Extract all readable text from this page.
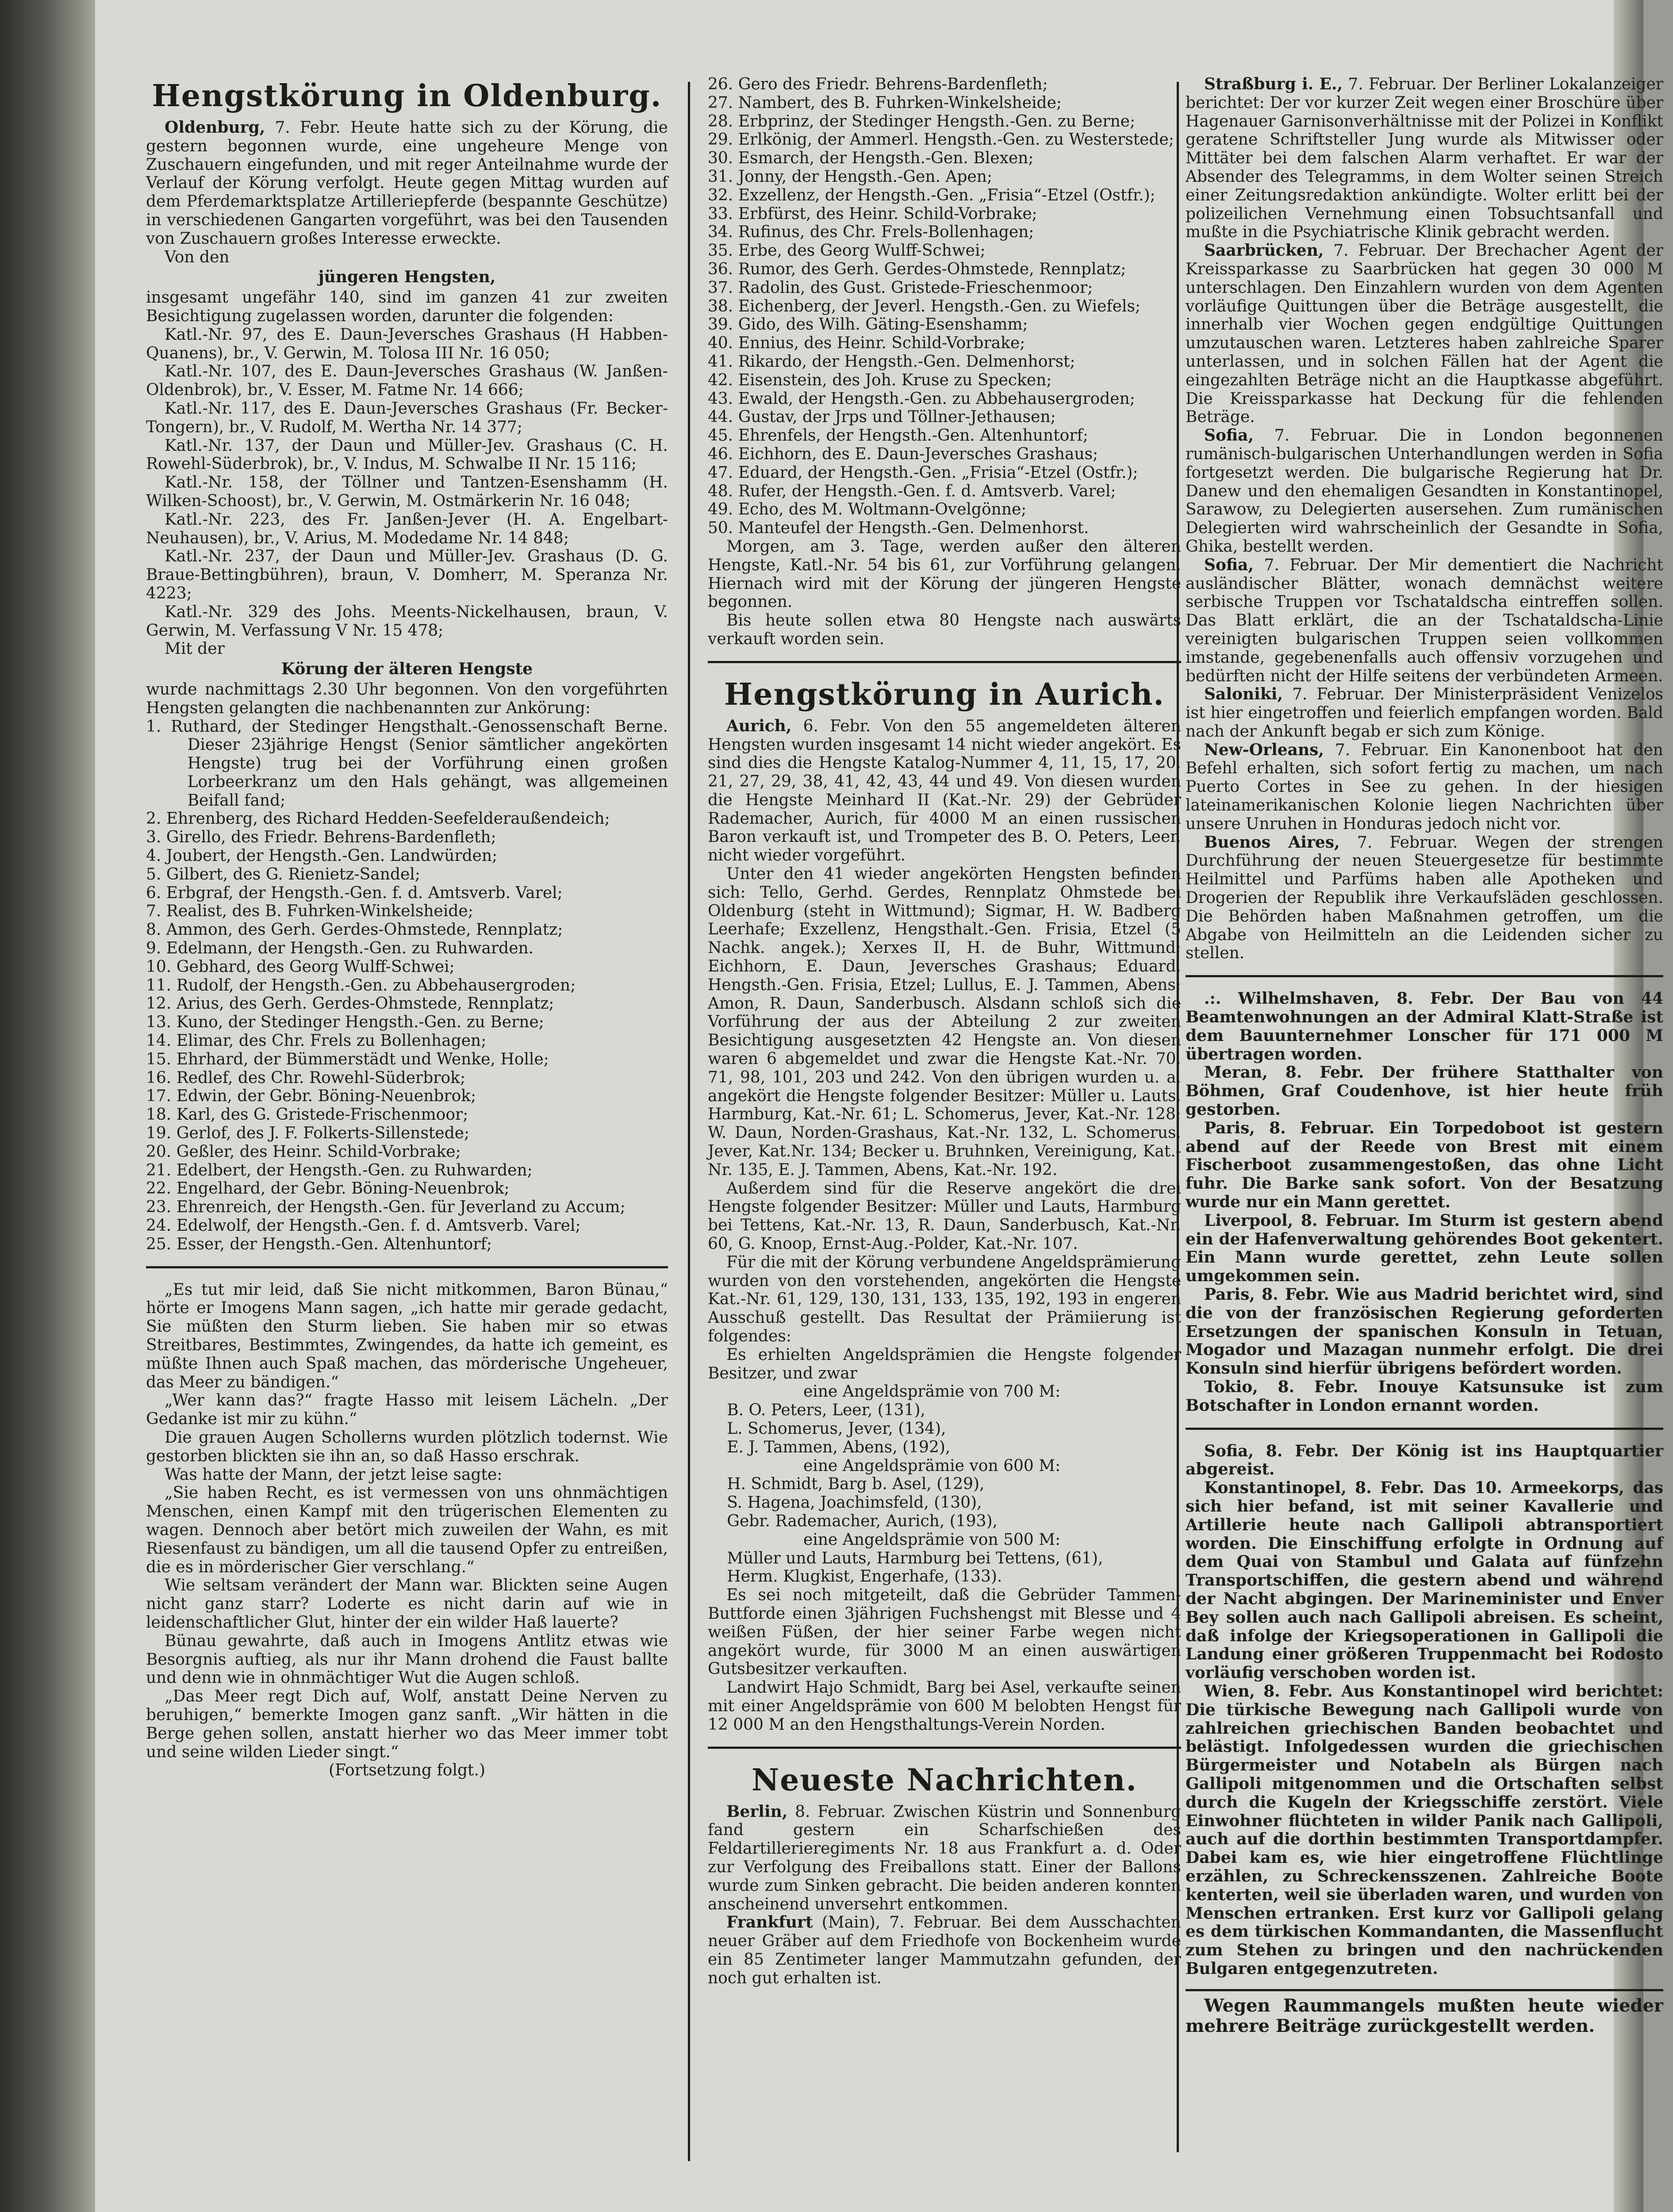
Hengstkörung in Oldenburg.

Oldenburg, 7. Febr. Heute hatte sich zu der Körung, die gestern begonnen wurde, eine ungeheure Menge von Zuschauern eingefunden, und mit reger Anteilnahme wurde der Verlauf der Körung verfolgt. Heute gegen Mittag wurden auf dem Pferdemarktsplatze Artilleriepferde (bespannte Geschütze) in verschiedenen Gangarten vorgeführt, was bei den Tausenden von Zuschauern großes Interesse erweckte.

Von den

jüngeren Hengsten,

insgesamt ungefähr 140, sind im ganzen 41 zur zweiten Besichtigung zugelassen worden, darunter die folgenden:

Katl.-Nr. 97, des E. Daun-Jeversches Grashaus (H Habben-Quanens), br., V. Gerwin, M. Tolosa III Nr. 16 050;

Katl.-Nr. 107, des E. Daun-Jeversches Grashaus (W. Janßen-Oldenbrok), br., V. Esser, M. Fatme Nr. 14 666;

Katl.-Nr. 117, des E. Daun-Jeversches Grashaus (Fr. Becker-Tongern), br., V. Rudolf, M. Wertha Nr. 14 377;

Katl.-Nr. 137, der Daun und Müller-Jev. Grashaus (C. H. Rowehl-Süderbrok), br., V. Indus, M. Schwalbe II Nr. 15 116;

Katl.-Nr. 158, der Töllner und Tantzen-Esenshamm (H. Wilken-Schoost), br., V. Gerwin, M. Ostmärkerin Nr. 16 048;

Katl.-Nr. 223, des Fr. Janßen-Jever (H. A. Engelbart-Neuhausen), br., V. Arius, M. Modedame Nr. 14 848;

Katl.-Nr. 237, der Daun und Müller-Jev. Grashaus (D. G. Braue-Bettingbühren), braun, V. Domherr, M. Speranza Nr. 4223;

Katl.-Nr. 329 des Johs. Meents-Nickelhausen, braun, V. Gerwin, M. Verfassung V Nr. 15 478;

Mit der

Körung der älteren Hengste

wurde nachmittags 2.30 Uhr begonnen. Von den vorgeführten Hengsten gelangten die nachbenannten zur Ankörung:

1. Ruthard, der Stedinger Hengsthalt.-Genossenschaft Berne. Dieser 23jährige Hengst (Senior sämtlicher angekörten Hengste) trug bei der Vorführung einen großen Lorbeerkranz um den Hals gehängt, was allgemeinen Beifall fand;

2. Ehrenberg, des Richard Hedden-Seefelderaußendeich;

3. Girello, des Friedr. Behrens-Bardenfleth;

4. Joubert, der Hengsth.-Gen. Landwürden;

5. Gilbert, des G. Rienietz-Sandel;

6. Erbgraf, der Hengsth.-Gen. f. d. Amtsverb. Varel;

7. Realist, des B. Fuhrken-Winkelsheide;

8. Ammon, des Gerh. Gerdes-Ohmstede, Rennplatz;

9. Edelmann, der Hengsth.-Gen. zu Ruhwarden.

10. Gebhard, des Georg Wulff-Schwei;

11. Rudolf, der Hengsth.-Gen. zu Abbehausergroden;

12. Arius, des Gerh. Gerdes-Ohmstede, Rennplatz;

13. Kuno, der Stedinger Hengsth.-Gen. zu Berne;

14. Elimar, des Chr. Frels zu Bollenhagen;

15. Ehrhard, der Bümmerstädt und Wenke, Holle;

16. Redlef, des Chr. Rowehl-Süderbrok;

17. Edwin, der Gebr. Böning-Neuenbrok;

18. Karl, des G. Gristede-Frischenmoor;

19. Gerlof, des J. F. Folkerts-Sillenstede;

20. Geßler, des Heinr. Schild-Vorbrake;

21. Edelbert, der Hengsth.-Gen. zu Ruhwarden;

22. Engelhard, der Gebr. Böning-Neuenbrok;

23. Ehrenreich, der Hengsth.-Gen. für Jeverland zu Accum;

24. Edelwolf, der Hengsth.-Gen. f. d. Amtsverb. Varel;

25. Esser, der Hengsth.-Gen. Altenhuntorf;

„Es tut mir leid, daß Sie nicht mitkommen, Baron Bünau,“ hörte er Imogens Mann sagen, „ich hatte mir gerade gedacht, Sie müßten den Sturm lieben. Sie haben mir so etwas Streitbares, Bestimmtes, Zwingendes, da hatte ich gemeint, es müßte Ihnen auch Spaß machen, das mörderische Ungeheuer, das Meer zu bändigen.“

„Wer kann das?“ fragte Hasso mit leisem Lächeln. „Der Gedanke ist mir zu kühn.“

Die grauen Augen Schollerns wurden plötzlich todernst. Wie gestorben blickten sie ihn an, so daß Hasso erschrak.

Was hatte der Mann, der jetzt leise sagte:

„Sie haben Recht, es ist vermessen von uns ohnmächtigen Menschen, einen Kampf mit den trügerischen Elementen zu wagen. Dennoch aber betört mich zuweilen der Wahn, es mit Riesenfaust zu bändigen, um all die tausend Opfer zu entreißen, die es in mörderischer Gier verschlang.“

Wie seltsam verändert der Mann war. Blickten seine Augen nicht ganz starr? Loderte es nicht darin auf wie in leidenschaftlicher Glut, hinter der ein wilder Haß lauerte?

Bünau gewahrte, daß auch in Imogens Antlitz etwas wie Besorgnis auftieg, als nur ihr Mann drohend die Faust ballte und denn wie in ohnmächtiger Wut die Augen schloß.

„Das Meer regt Dich auf, Wolf, anstatt Deine Nerven zu beruhigen,“ bemerkte Imogen ganz sanft. „Wir hätten in die Berge gehen sollen, anstatt hierher wo das Meer immer tobt und seine wilden Lieder singt.“

(Fortsetzung folgt.)

26. Gero des Friedr. Behrens-Bardenfleth;

27. Nambert, des B. Fuhrken-Winkelsheide;

28. Erbprinz, der Stedinger Hengsth.-Gen. zu Berne;

29. Erlkönig, der Ammerl. Hengsth.-Gen. zu Westerstede;

30. Esmarch, der Hengsth.-Gen. Blexen;

31. Jonny, der Hengsth.-Gen. Apen;

32. Exzellenz, der Hengsth.-Gen. „Frisia“-Etzel (Ostfr.);

33. Erbfürst, des Heinr. Schild-Vorbrake;

34. Rufinus, des Chr. Frels-Bollenhagen;

35. Erbe, des Georg Wulff-Schwei;

36. Rumor, des Gerh. Gerdes-Ohmstede, Rennplatz;

37. Radolin, des Gust. Gristede-Frieschenmoor;

38. Eichenberg, der Jeverl. Hengsth.-Gen. zu Wiefels;

39. Gido, des Wilh. Gäting-Esenshamm;

40. Ennius, des Heinr. Schild-Vorbrake;

41. Rikardo, der Hengsth.-Gen. Delmenhorst;

42. Eisenstein, des Joh. Kruse zu Specken;

43. Ewald, der Hengsth.-Gen. zu Abbehausergroden;

44. Gustav, der Jrps und Töllner-Jethausen;

45. Ehrenfels, der Hengsth.-Gen. Altenhuntorf;

46. Eichhorn, des E. Daun-Jeversches Grashaus;

47. Eduard, der Hengsth.-Gen. „Frisia“-Etzel (Ostfr.);

48. Rufer, der Hengsth.-Gen. f. d. Amtsverb. Varel;

49. Echo, des M. Woltmann-Ovelgönne;

50. Manteufel der Hengsth.-Gen. Delmenhorst.

Morgen, am 3. Tage, werden außer den älteren Hengste, Katl.-Nr. 54 bis 61, zur Vorführung gelangen. Hiernach wird mit der Körung der jüngeren Hengste begonnen.

Bis heute sollen etwa 80 Hengste nach auswärts verkauft worden sein.

Hengstkörung in Aurich.

Aurich, 6. Febr. Von den 55 angemeldeten älteren Hengsten wurden insgesamt 14 nicht wieder angekört. Es sind dies die Hengste Katalog-Nummer 4, 11, 15, 17, 20, 21, 27, 29, 38, 41, 42, 43, 44 und 49. Von diesen wurden die Hengste Meinhard II (Kat.-Nr. 29) der Gebrüder Rademacher, Aurich, für 4000 M an einen russischen Baron verkauft ist, und Trompeter des B. O. Peters, Leer, nicht wieder vorgeführt.

Unter den 41 wieder angekörten Hengsten befinden sich: Tello, Gerhd. Gerdes, Rennplatz Ohmstede bei Oldenburg (steht in Wittmund); Sigmar, H. W. Badberg Leerhafe; Exzellenz, Hengsthalt.-Gen. Frisia, Etzel (5 Nachk. angek.); Xerxes II, H. de Buhr, Wittmund; Eichhorn, E. Daun, Jeversches Grashaus; Eduard, Hengsth.-Gen. Frisia, Etzel; Lullus, E. J. Tammen, Abens; Amon, R. Daun, Sanderbusch. Alsdann schloß sich die Vorführung der aus der Abteilung 2 zur zweiten Besichtigung ausgesetzten 42 Hengste an. Von diesen waren 6 abgemeldet und zwar die Hengste Kat.-Nr. 70, 71, 98, 101, 203 und 242. Von den übrigen wurden u. a. angekört die Hengste folgender Besitzer: Müller u. Lauts, Harmburg, Kat.-Nr. 61; L. Schomerus, Jever, Kat.-Nr. 128; W. Daun, Norden-Grashaus, Kat.-Nr. 132, L. Schomerus, Jever, Kat.Nr. 134; Becker u. Bruhnken, Vereinigung, Kat.-Nr. 135, E. J. Tammen, Abens, Kat.-Nr. 192.

Außerdem sind für die Reserve angekört die drei Hengste folgender Besitzer: Müller und Lauts, Harmburg bei Tettens, Kat.-Nr. 13, R. Daun, Sanderbusch, Kat.-Nr. 60, G. Knoop, Ernst-Aug.-Polder, Kat.-Nr. 107.

Für die mit der Körung verbundene Angeldsprämierung wurden von den vorstehenden, angekörten die Hengste Kat.-Nr. 61, 129, 130, 131, 133, 135, 192, 193 in engeren Ausschuß gestellt. Das Resultat der Prämiierung ist folgendes:

Es erhielten Angeldsprämien die Hengste folgender Besitzer, und zwar

eine Angeldsprämie von 700 M:

B. O. Peters, Leer, (131),

L. Schomerus, Jever, (134),

E. J. Tammen, Abens, (192),

eine Angeldsprämie von 600 M:

H. Schmidt, Barg b. Asel, (129),

S. Hagena, Joachimsfeld, (130),

Gebr. Rademacher, Aurich, (193),

eine Angeldsprämie von 500 M:

Müller und Lauts, Harmburg bei Tettens, (61),

Herm. Klugkist, Engerhafe, (133).

Es sei noch mitgeteilt, daß die Gebrüder Tammen-Buttforde einen 3jährigen Fuchshengst mit Blesse und 4 weißen Füßen, der hier seiner Farbe wegen nicht angekört wurde, für 3000 M an einen auswärtigen Gutsbesitzer verkauften.

Landwirt Hajo Schmidt, Barg bei Asel, verkaufte seinen mit einer Angeldsprämie von 600 M belobten Hengst für 12 000 M an den Hengsthaltungs-Verein Norden.

Neueste Nachrichten.

Berlin, 8. Februar. Zwischen Küstrin und Sonnenburg fand gestern ein Scharfschießen des Feldartillerieregiments Nr. 18 aus Frankfurt a. d. Oder zur Verfolgung des Freiballons statt. Einer der Ballons wurde zum Sinken gebracht. Die beiden anderen konnten anscheinend unversehrt entkommen.

Frankfurt (Main), 7. Februar. Bei dem Ausschachten neuer Gräber auf dem Friedhofe von Bockenheim wurde ein 85 Zentimeter langer Mammutzahn gefunden, der noch gut erhalten ist.

Straßburg i. E., 7. Februar. Der Berliner Lokalanzeiger berichtet: Der vor kurzer Zeit wegen einer Broschüre über Hagenauer Garnisonverhältnisse mit der Polizei in Konflikt geratene Schriftsteller Jung wurde als Mitwisser oder Mittäter bei dem falschen Alarm verhaftet. Er war der Absender des Telegramms, in dem Wolter seinen Streich einer Zeitungsredaktion ankündigte. Wolter erlitt bei der polizeilichen Vernehmung einen Tobsuchtsanfall und mußte in die Psychiatrische Klinik gebracht werden.

Saarbrücken, 7. Februar. Der Brechacher Agent der Kreissparkasse zu Saarbrücken hat gegen 30 000 M unterschlagen. Den Einzahlern wurden von dem Agenten vorläufige Quittungen über die Beträge ausgestellt, die innerhalb vier Wochen gegen endgültige Quittungen umzutauschen waren. Letzteres haben zahlreiche Sparer unterlassen, und in solchen Fällen hat der Agent die eingezahlten Beträge nicht an die Hauptkasse abgeführt. Die Kreissparkasse hat Deckung für die fehlenden Beträge.

Sofia, 7. Februar. Die in London begonnenen rumänisch-bulgarischen Unterhandlungen werden in Sofia fortgesetzt werden. Die bulgarische Regierung hat Dr. Danew und den ehemaligen Gesandten in Konstantinopel, Sarawow, zu Delegierten ausersehen. Zum rumänischen Delegierten wird wahrscheinlich der Gesandte in Sofia, Ghika, bestellt werden.

Sofia, 7. Februar. Der Mir dementiert die Nachricht ausländischer Blätter, wonach demnächst weitere serbische Truppen vor Tschataldscha eintreffen sollen. Das Blatt erklärt, die an der Tschataldscha-Linie vereinigten bulgarischen Truppen seien vollkommen imstande, gegebenenfalls auch offensiv vorzugehen und bedürften nicht der Hilfe seitens der verbündeten Armeen.

Saloniki, 7. Februar. Der Ministerpräsident Venizelos ist hier eingetroffen und feierlich empfangen worden. Bald nach der Ankunft begab er sich zum Könige.

New-Orleans, 7. Februar. Ein Kanonenboot hat den Befehl erhalten, sich sofort fertig zu machen, um nach Puerto Cortes in See zu gehen. In der hiesigen lateinamerikanischen Kolonie liegen Nachrichten über unsere Unruhen in Honduras jedoch nicht vor.

Buenos Aires, 7. Februar. Wegen der strengen Durchführung der neuen Steuergesetze für bestimmte Heilmittel und Parfüms haben alle Apotheken und Drogerien der Republik ihre Verkaufsläden geschlossen. Die Behörden haben Maßnahmen getroffen, um die Abgabe von Heilmitteln an die Leidenden sicher zu stellen.

.:. Wilhelmshaven, 8. Febr. Der Bau von 44 Beamtenwohnungen an der Admiral Klatt-Straße ist dem Bauunternehmer Lonscher für 171 000 M übertragen worden.

Meran, 8. Febr. Der frühere Statthalter von Böhmen, Graf Coudenhove, ist hier heute früh gestorben.

Paris, 8. Februar. Ein Torpedoboot ist gestern abend auf der Reede von Brest mit einem Fischerboot zusammengestoßen, das ohne Licht fuhr. Die Barke sank sofort. Von der Besatzung wurde nur ein Mann gerettet.

Liverpool, 8. Februar. Im Sturm ist gestern abend ein der Hafenverwaltung gehörendes Boot gekentert. Ein Mann wurde gerettet, zehn Leute sollen umgekommen sein.

Paris, 8. Febr. Wie aus Madrid berichtet wird, sind die von der französischen Regierung geforderten Ersetzungen der spanischen Konsuln in Tetuan, Mogador und Mazagan nunmehr erfolgt. Die drei Konsuln sind hierfür übrigens befördert worden.

Tokio, 8. Febr. Inouye Katsunsuke ist zum Botschafter in London ernannt worden.

Sofia, 8. Febr. Der König ist ins Hauptquartier abgereist.

Konstantinopel, 8. Febr. Das 10. Armeekorps, das sich hier befand, ist mit seiner Kavallerie und Artillerie heute nach Gallipoli abtransportiert worden. Die Einschiffung erfolgte in Ordnung auf dem Quai von Stambul und Galata auf fünfzehn Transportschiffen, die gestern abend und während der Nacht abgingen. Der Marineminister und Enver Bey sollen auch nach Gallipoli abreisen. Es scheint, daß infolge der Kriegsoperationen in Gallipoli die Landung einer größeren Truppenmacht bei Rodosto vorläufig verschoben worden ist.

Wien, 8. Febr. Aus Konstantinopel wird berichtet: Die türkische Bewegung nach Gallipoli wurde von zahlreichen griechischen Banden beobachtet und belästigt. Infolgedessen wurden die griechischen Bürgermeister und Notabeln als Bürgen nach Gallipoli mitgenommen und die Ortschaften selbst durch die Kugeln der Kriegsschiffe zerstört. Viele Einwohner flüchteten in wilder Panik nach Gallipoli, auch auf die dorthin bestimmten Transportdampfer. Dabei kam es, wie hier eingetroffene Flüchtlinge erzählen, zu Schreckensszenen. Zahlreiche Boote kenterten, weil sie überladen waren, und wurden von Menschen ertranken. Erst kurz vor Gallipoli gelang es dem türkischen Kommandanten, die Massenflucht zum Stehen zu bringen und den nachrückenden Bulgaren entgegenzutreten.

Wegen Raummangels mußten heute wieder mehrere Beiträge zurückgestellt werden.
